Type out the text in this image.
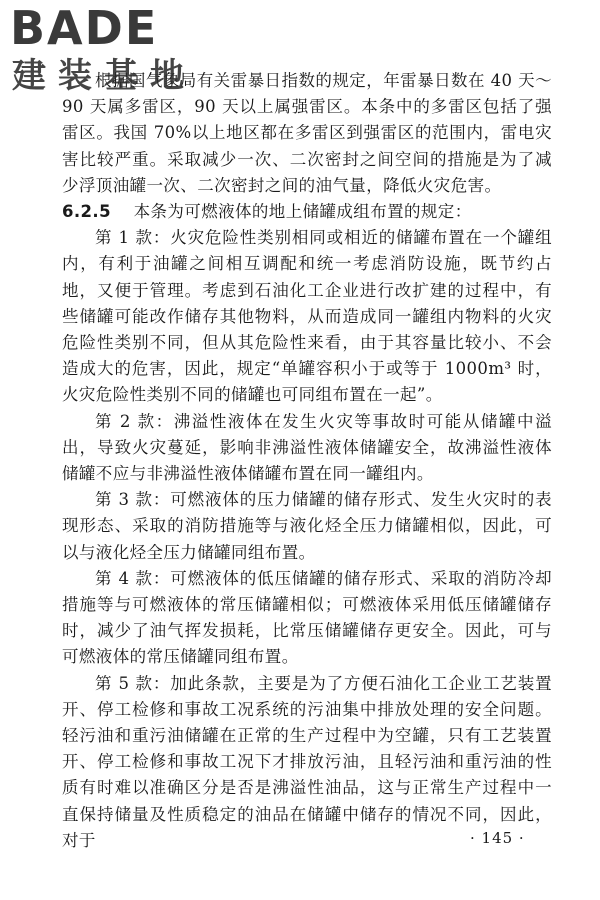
BADE
建装基地

根据国气象局有关雷暴日指数的规定，年雷暴日数在 40 天～90 天属多雷区，90 天以上属强雷区。本条中的多雷区包括了强雷区。我国 70%以上地区都在多雷区到强雷区的范围内，雷电灾害比较严重。采取减少一次、二次密封之间空间的措施是为了减少浮顶油罐一次、二次密封之间的油气量，降低火灾危害。

6.2.5 本条为可燃液体的地上储罐成组布置的规定：

第 1 款：火灾危险性类别相同或相近的储罐布置在一个罐组内，有利于油罐之间相互调配和统一考虑消防设施，既节约占地，又便于管理。考虑到石油化工企业进行改扩建的过程中，有些储罐可能改作储存其他物料，从而造成同一罐组内物料的火灾危险性类别不同，但从其危险性来看，由于其容量比较小、不会造成大的危害，因此，规定“单罐容积小于或等于 1000m³ 时，火灾危险性类别不同的储罐也可同组布置在一起”。

第 2 款：沸溢性液体在发生火灾等事故时可能从储罐中溢出，导致火灾蔓延，影响非沸溢性液体储罐安全，故沸溢性液体储罐不应与非沸溢性液体储罐布置在同一罐组内。

第 3 款：可燃液体的压力储罐的储存形式、发生火灾时的表现形态、采取的消防措施等与液化烃全压力储罐相似，因此，可以与液化烃全压力储罐同组布置。

第 4 款：可燃液体的低压储罐的储存形式、采取的消防冷却措施等与可燃液体的常压储罐相似；可燃液体采用低压储罐储存时，减少了油气挥发损耗，比常压储罐储存更安全。因此，可与可燃液体的常压储罐同组布置。

第 5 款：加此条款，主要是为了方便石油化工企业工艺装置开、停工检修和事故工况系统的污油集中排放处理的安全问题。轻污油和重污油储罐在正常的生产过程中为空罐，只有工艺装置开、停工检修和事故工况下才排放污油，且轻污油和重污油的性质有时难以准确区分是否是沸溢性油品，这与正常生产过程中一直保持储量及性质稳定的油品在储罐中储存的情况不同，因此，对于	· 145 ·
